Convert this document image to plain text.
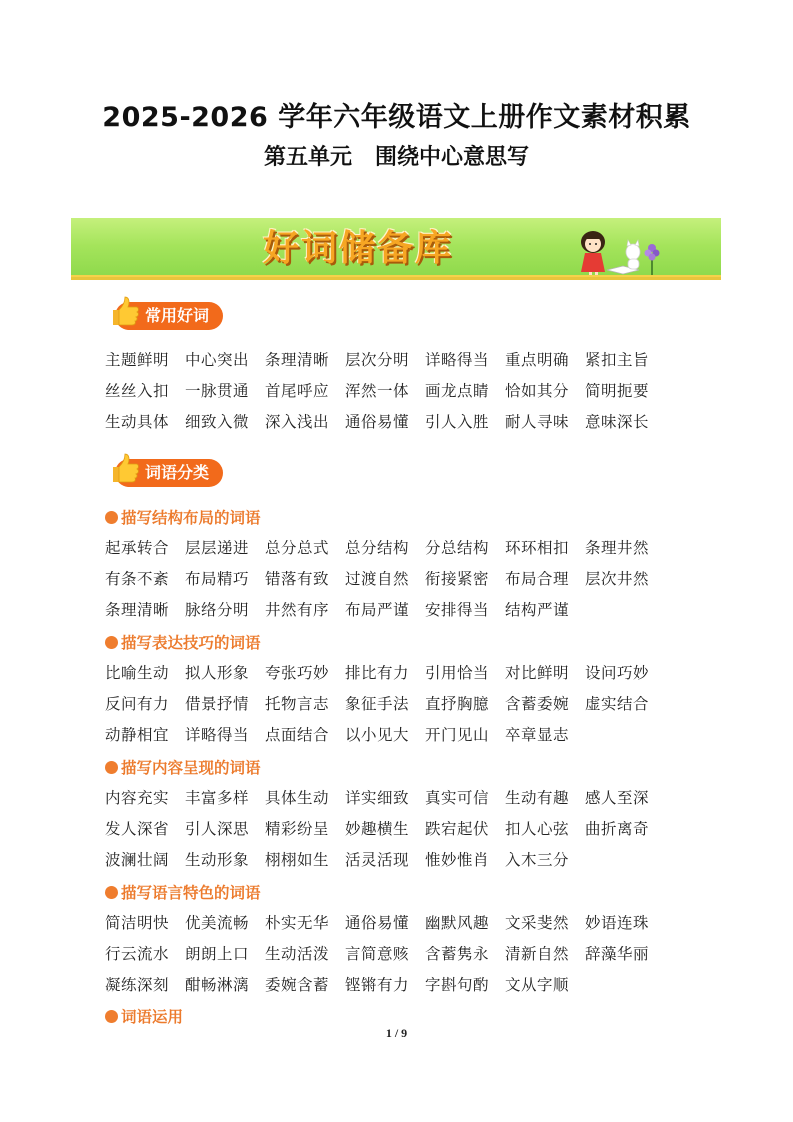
2025-2026 学年六年级语文上册作文素材积累
第五单元   围绕中心意思写
好词储备库
常用好词
主题鲜明	中心突出	条理清晰	层次分明	详略得当	重点明确	紧扣主旨
丝丝入扣	一脉贯通	首尾呼应	浑然一体	画龙点睛	恰如其分	简明扼要
生动具体	细致入微	深入浅出	通俗易懂	引人入胜	耐人寻味	意味深长
词语分类
描写结构布局的词语
起承转合	层层递进	总分总式	总分结构	分总结构	环环相扣	条理井然
有条不紊	布局精巧	错落有致	过渡自然	衔接紧密	布局合理	层次井然
条理清晰	脉络分明	井然有序	布局严谨	安排得当	结构严谨
描写表达技巧的词语
比喻生动	拟人形象	夸张巧妙	排比有力	引用恰当	对比鲜明	设问巧妙
反问有力	借景抒情	托物言志	象征手法	直抒胸臆	含蓄委婉	虚实结合
动静相宜	详略得当	点面结合	以小见大	开门见山	卒章显志
描写内容呈现的词语
内容充实	丰富多样	具体生动	详实细致	真实可信	生动有趣	感人至深
发人深省	引人深思	精彩纷呈	妙趣横生	跌宕起伏	扣人心弦	曲折离奇
波澜壮阔	生动形象	栩栩如生	活灵活现	惟妙惟肖	入木三分
描写语言特色的词语
简洁明快	优美流畅	朴实无华	通俗易懂	幽默风趣	文采斐然	妙语连珠
行云流水	朗朗上口	生动活泼	言简意赅	含蓄隽永	清新自然	辞藻华丽
凝练深刻	酣畅淋漓	委婉含蓄	铿锵有力	字斟句酌	文从字顺
词语运用
1 / 9
